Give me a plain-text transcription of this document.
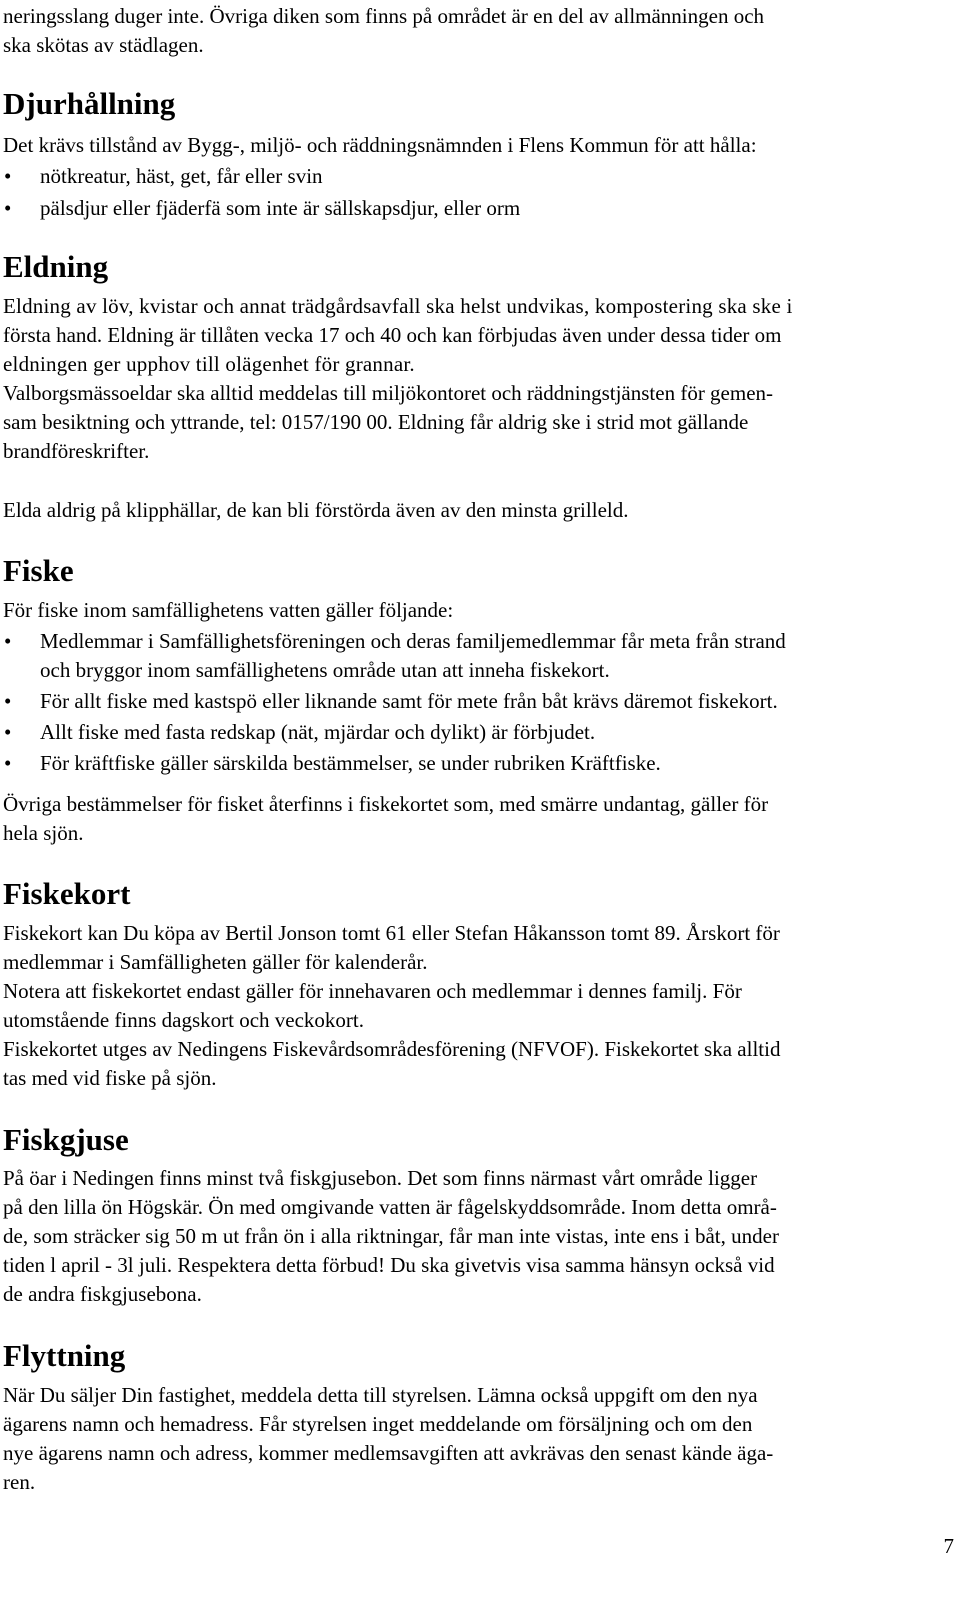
neringsslang duger inte. Övriga diken som finns på området är en del av allmänningen och

ska skötas av städlagen.

Djurhållning

Det krävs tillstånd av Bygg-, miljö- och räddningsnämnden i Flens Kommun för att hålla:

•	nötkreatur, häst, get, får eller svin
•	pälsdjur eller fjäderfä som inte är sällskapsdjur, eller orm
Eldning

Eldning av löv, kvistar och annat trädgårdsavfall ska helst undvikas, kompostering ska ske i

första hand. Eldning är tillåten vecka 17 och 40 och kan förbjudas även under dessa tider om

eldningen ger upphov till olägenhet för grannar.

Valborgsmässoeldar ska alltid meddelas till miljökontoret och räddningstjänsten för gemen-

sam besiktning och yttrande, tel: 0157/190 00. Eldning får aldrig ske i strid mot gällande

brandföreskrifter.

Elda aldrig på klipphällar, de kan bli förstörda även av den minsta grilleld.

Fiske

För fiske inom samfällighetens vatten gäller följande:

•	Medlemmar i Samfällighetsföreningen och deras familjemedlemmar får meta från strand
och bryggor inom samfällighetens område utan att inneha fiskekort.
•	För allt fiske med kastspö eller liknande samt för mete från båt krävs däremot fiskekort.
•	Allt fiske med fasta redskap (nät, mjärdar och dylikt) är förbjudet.
•	För kräftfiske gäller särskilda bestämmelser, se under rubriken Kräftfiske.

Övriga bestämmelser för fisket återfinns i fiskekortet som, med smärre undantag, gäller för

hela sjön.

Fiskekort

Fiskekort kan Du köpa av Bertil Jonson tomt 61 eller Stefan Håkansson tomt 89. Årskort för

medlemmar i Samfälligheten gäller för kalenderår.

Notera att fiskekortet endast gäller för innehavaren och medlemmar i dennes familj. För

utomstående finns dagskort och veckokort.

Fiskekortet utges av Nedingens Fiskevårdsområdesförening (NFVOF). Fiskekortet ska alltid

tas med vid fiske på sjön.

Fiskgjuse

På öar i Nedingen finns minst två fiskgjusebon. Det som finns närmast vårt område ligger

på den lilla ön Högskär. Ön med omgivande vatten är fågelskyddsområde. Inom detta områ-

de, som sträcker sig 50 m ut från ön i alla riktningar, får man inte vistas, inte ens i båt, under

tiden l april - 3l juli. Respektera detta förbud! Du ska givetvis visa samma hänsyn också vid

de andra fiskgjusebona.

Flyttning

När Du säljer Din fastighet, meddela detta till styrelsen. Lämna också uppgift om den nya

ägarens namn och hemadress. Får styrelsen inget meddelande om försäljning och om den

nye ägarens namn och adress, kommer medlemsavgiften att avkrävas den senast kände äga-

ren.

7
